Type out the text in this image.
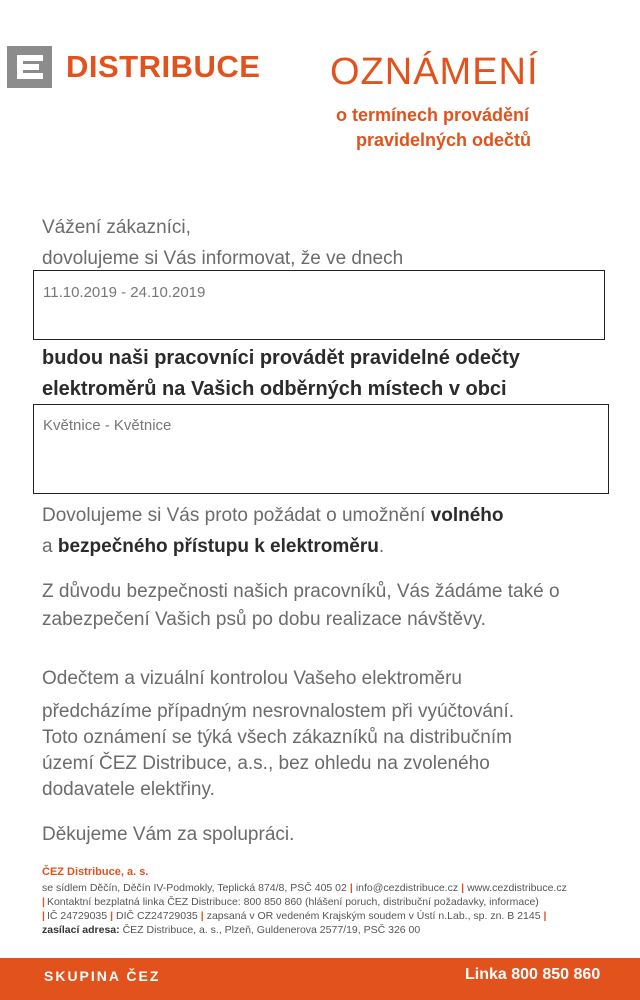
DISTRIBUCE OZNÁMENÍ
o termínech provádění
pravidelných odečtů
Vážení zákazníci,
dovolujeme si Vás informovat, že ve dnech
11.10.2019 - 24.10.2019
budou naši pracovníci provádět pravidelné odečty
elektroměrů na Vašich odběrných místech v obci
Květnice - Květnice
Dovolujeme si Vás proto požádat o umožnění volného
a bezpečného přístupu k elektroměru.
Z důvodu bezpečnosti našich pracovníků, Vás žádáme také o
zabezpečení Vašich psů po dobu realizace návštěvy.
Odečtem a vizuální kontrolou Vašeho elektroměru
předcházíme případným nesrovnalostem při vyúčtování.
Toto oznámení se týká všech zákazníků na distribučním
území ČEZ Distribuce, a.s., bez ohledu na zvoleného
dodavatele elektřiny.
Děkujeme Vám za spolupráci.
ČEZ Distribuce, a. s.
se sídlem Děčín, Děčín IV-Podmokly, Teplická 874/8, PSČ 405 02 | info@cezdistribuce.cz | www.cezdistribuce.cz
| Kontaktní bezplatná linka ČEZ Distribuce: 800 850 860 (hlášení poruch, distribuční požadavky, informace)
| IČ 24729035 | DIČ CZ24729035 | zapsaná v OR vedeném Krajským soudem v Ústí n.Lab., sp. zn. B 2145 |
zasílací adresa: ČEZ Distribuce, a. s., Plzeň, Guldenerova 2577/19, PSČ 326 00
SKUPINA ČEZ	Linka 800 850 860
